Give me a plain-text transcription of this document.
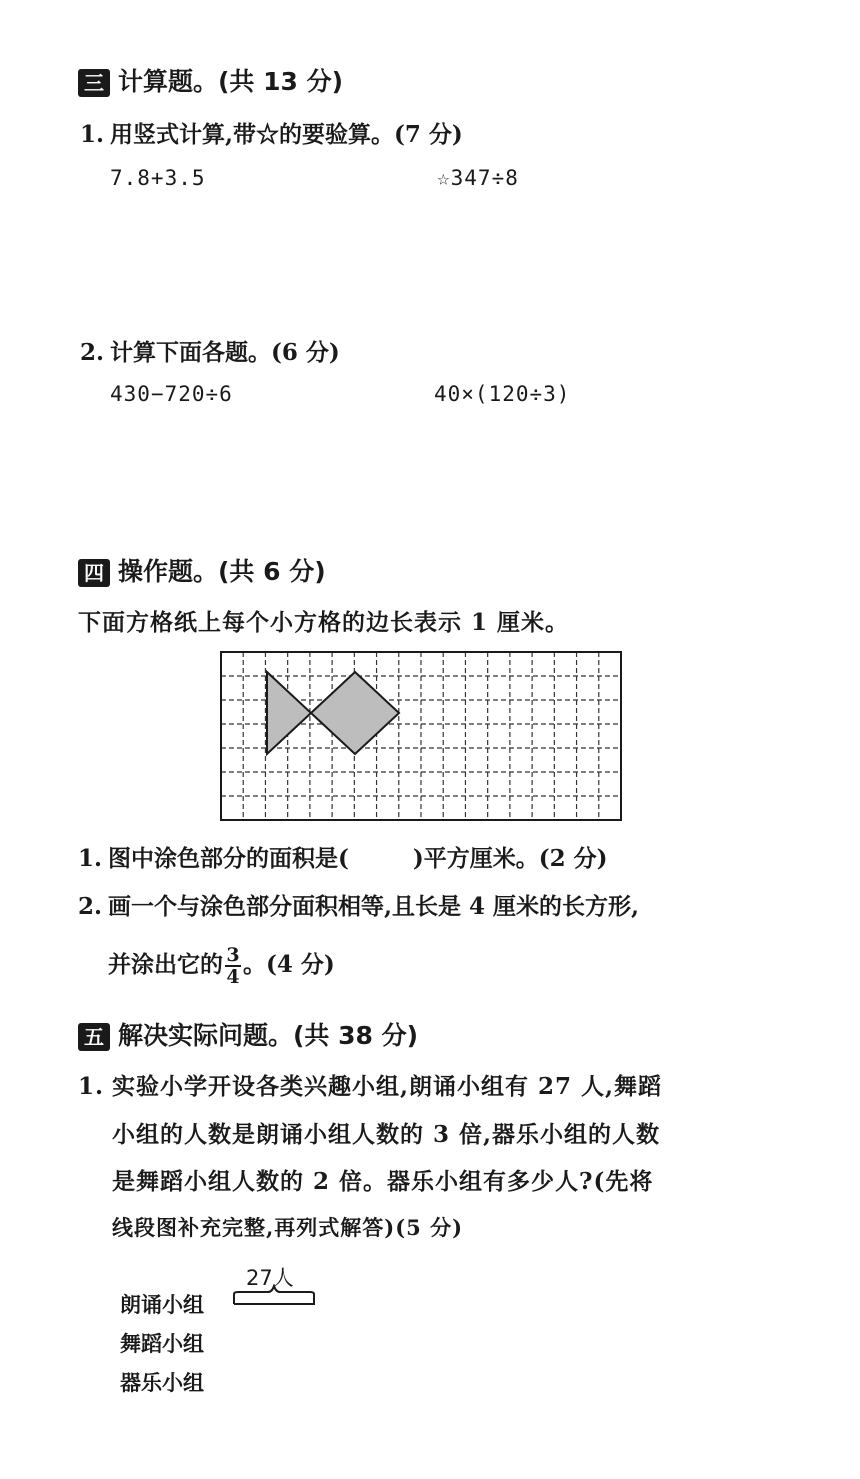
三 计算题。(共 13 分)
1. 用竖式计算,带☆的要验算。(7 分)
7.8+3.5	☆347÷8
2. 计算下面各题。(6 分)
430−720÷6	40×(120÷3)
四 操作题。(共 6 分)
下面方格纸上每个小方格的边长表示 1 厘米。
1. 图中涂色部分的面积是(	)平方厘米。(2 分)
2. 画一个与涂色部分面积相等,且长是 4 厘米的长方形,
并涂出它的 $\frac{3}{4}$ 。(4 分)
五 解决实际问题。(共 38 分)
1. 实验小学开设各类兴趣小组,朗诵小组有 27 人,舞蹈
小组的人数是朗诵小组人数的 3 倍,器乐小组的人数
是舞蹈小组人数的 2 倍。器乐小组有多少人?(先将
线段图补充完整,再列式解答)(5 分)
27人
朗诵小组
舞蹈小组
器乐小组
